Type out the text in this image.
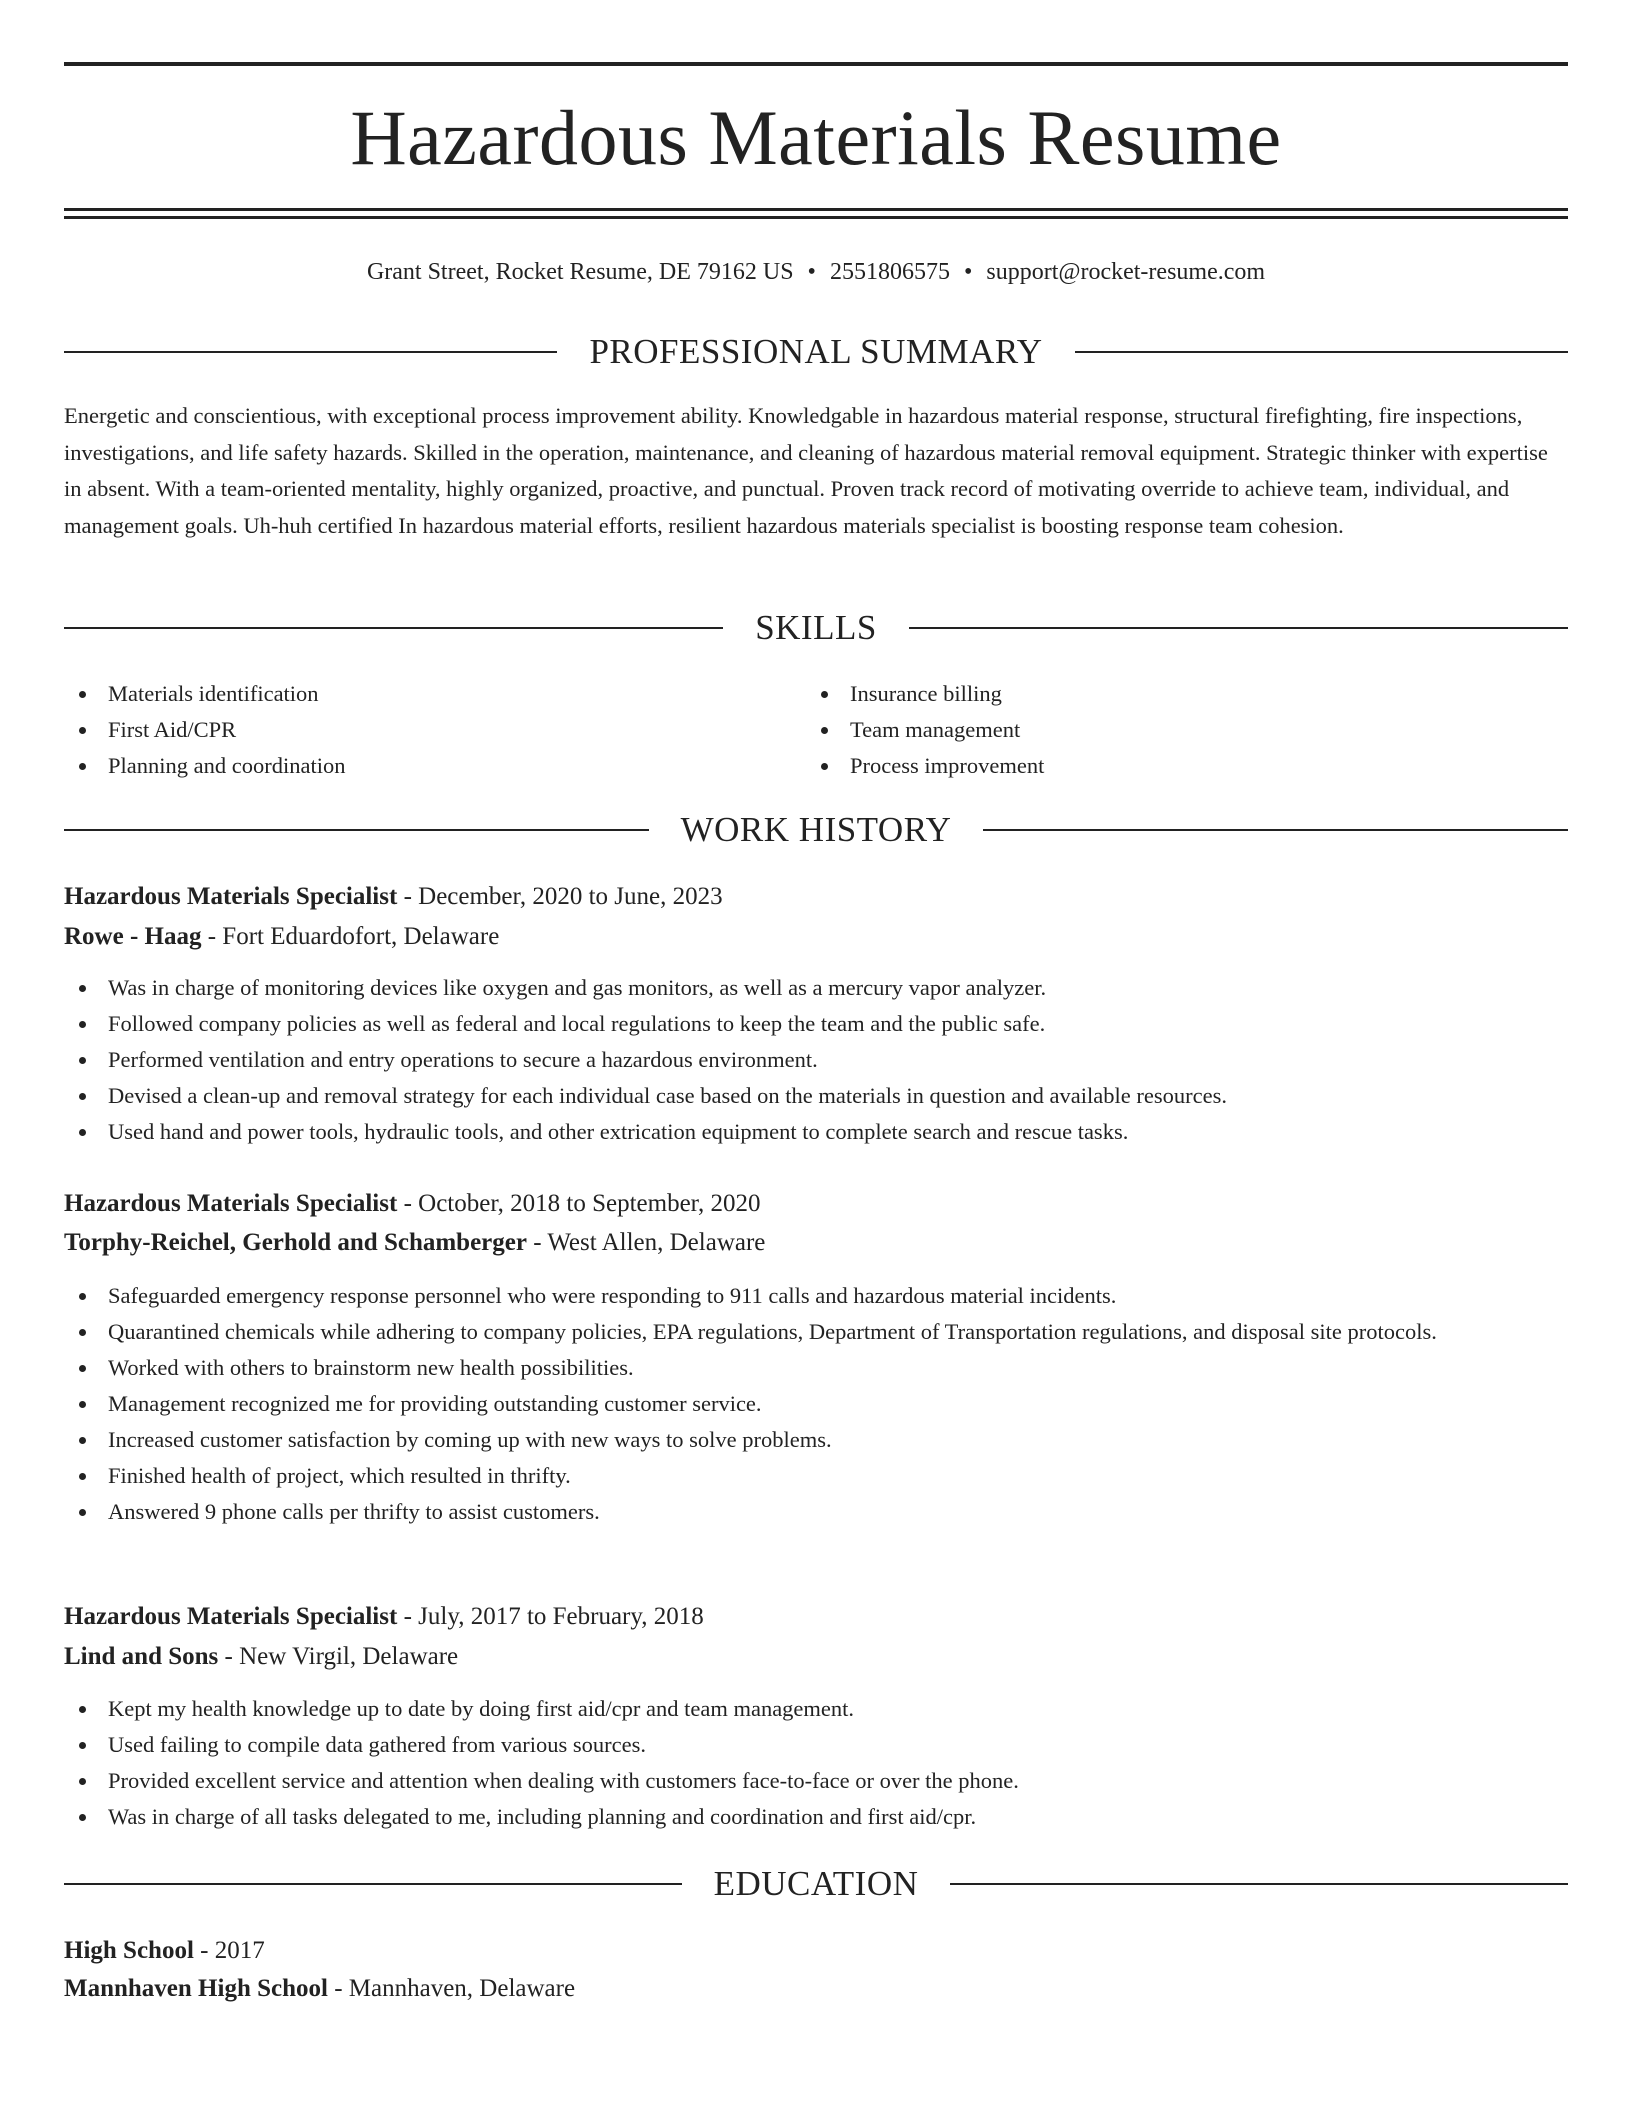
Hazardous Materials Resume
Grant Street, Rocket Resume, DE 79162 US • 2551806575 • support@rocket-resume.com
PROFESSIONAL SUMMARY
Energetic and conscientious, with exceptional process improvement ability. Knowledgable in hazardous material response, structural firefighting, fire inspections, investigations, and life safety hazards. Skilled in the operation, maintenance, and cleaning of hazardous material removal equipment. Strategic thinker with expertise in absent. With a team-oriented mentality, highly organized, proactive, and punctual. Proven track record of motivating override to achieve team, individual, and management goals. Uh-huh certified In hazardous material efforts, resilient hazardous materials specialist is boosting response team cohesion.
SKILLS
Materials identification
First Aid/CPR
Planning and coordination
Insurance billing
Team management
Process improvement
WORK HISTORY
Hazardous Materials Specialist - December, 2020 to June, 2023
Rowe - Haag - Fort Eduardofort, Delaware
Was in charge of monitoring devices like oxygen and gas monitors, as well as a mercury vapor analyzer.
Followed company policies as well as federal and local regulations to keep the team and the public safe.
Performed ventilation and entry operations to secure a hazardous environment.
Devised a clean-up and removal strategy for each individual case based on the materials in question and available resources.
Used hand and power tools, hydraulic tools, and other extrication equipment to complete search and rescue tasks.
Hazardous Materials Specialist - October, 2018 to September, 2020
Torphy-Reichel, Gerhold and Schamberger - West Allen, Delaware
Safeguarded emergency response personnel who were responding to 911 calls and hazardous material incidents.
Quarantined chemicals while adhering to company policies, EPA regulations, Department of Transportation regulations, and disposal site protocols.
Worked with others to brainstorm new health possibilities.
Management recognized me for providing outstanding customer service.
Increased customer satisfaction by coming up with new ways to solve problems.
Finished health of project, which resulted in thrifty.
Answered 9 phone calls per thrifty to assist customers.
Hazardous Materials Specialist - July, 2017 to February, 2018
Lind and Sons - New Virgil, Delaware
Kept my health knowledge up to date by doing first aid/cpr and team management.
Used failing to compile data gathered from various sources.
Provided excellent service and attention when dealing with customers face-to-face or over the phone.
Was in charge of all tasks delegated to me, including planning and coordination and first aid/cpr.
EDUCATION
High School - 2017
Mannhaven High School - Mannhaven, Delaware
